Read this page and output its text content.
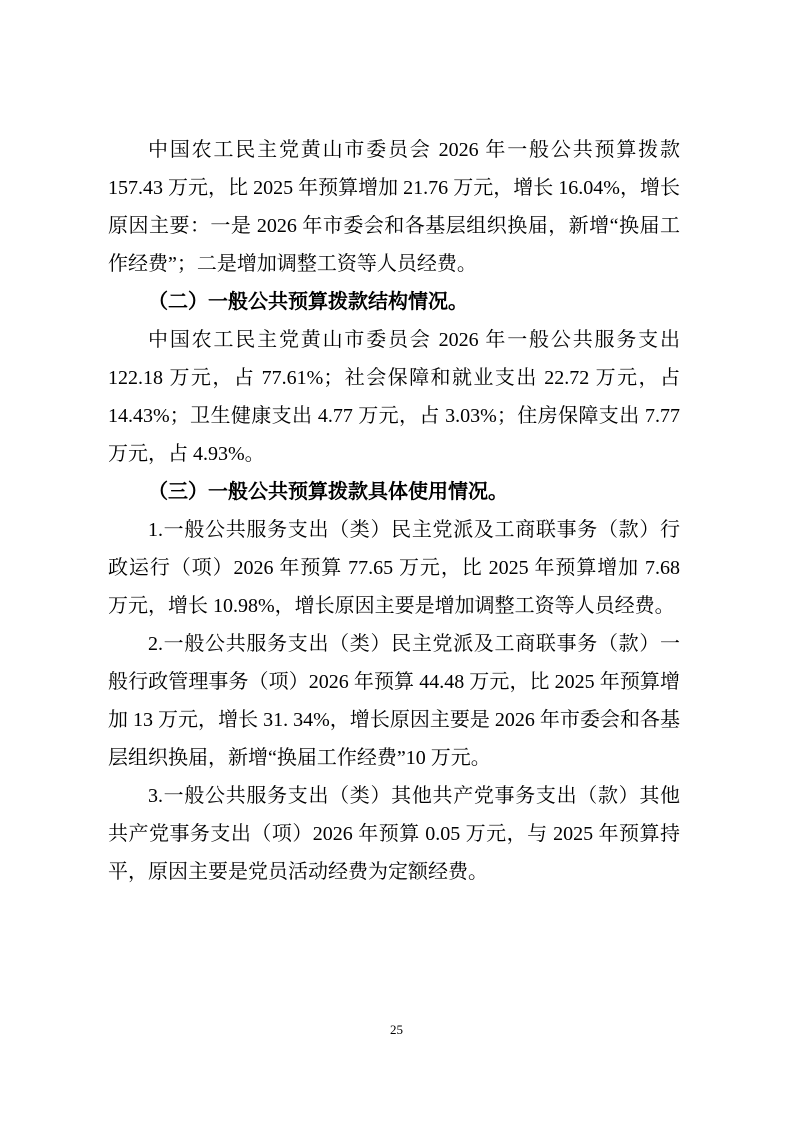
中国农工民主党黄山市委员会 2026 年一般公共预算拨款 157.43 万元，比 2025 年预算增加 21.76 万元，增长 16.04%，增长原因主要：一是 2026 年市委会和各基层组织换届，新增“换届工作经费”；二是增加调整工资等人员经费。

（二）一般公共预算拨款结构情况。

中国农工民主党黄山市委员会 2026 年一般公共服务支出 122.18 万元，占 77.61%；社会保障和就业支出 22.72 万元，占 14.43%；卫生健康支出 4.77 万元，占 3.03%；住房保障支出 7.77 万元，占 4.93%。

（三）一般公共预算拨款具体使用情况。

1.一般公共服务支出（类）民主党派及工商联事务（款）行政运行（项）2026 年预算 77.65 万元，比 2025 年预算增加 7.68 万元，增长 10.98%，增长原因主要是增加调整工资等人员经费。

2.一般公共服务支出（类）民主党派及工商联事务（款）一般行政管理事务（项）2026 年预算 44.48 万元，比 2025 年预算增加 13 万元，增长 31. 34%，增长原因主要是 2026 年市委会和各基层组织换届，新增“换届工作经费”10 万元。

3.一般公共服务支出（类）其他共产党事务支出（款）其他共产党事务支出（项）2026 年预算 0.05 万元，与 2025 年预算持平，原因主要是党员活动经费为定额经费。

25
